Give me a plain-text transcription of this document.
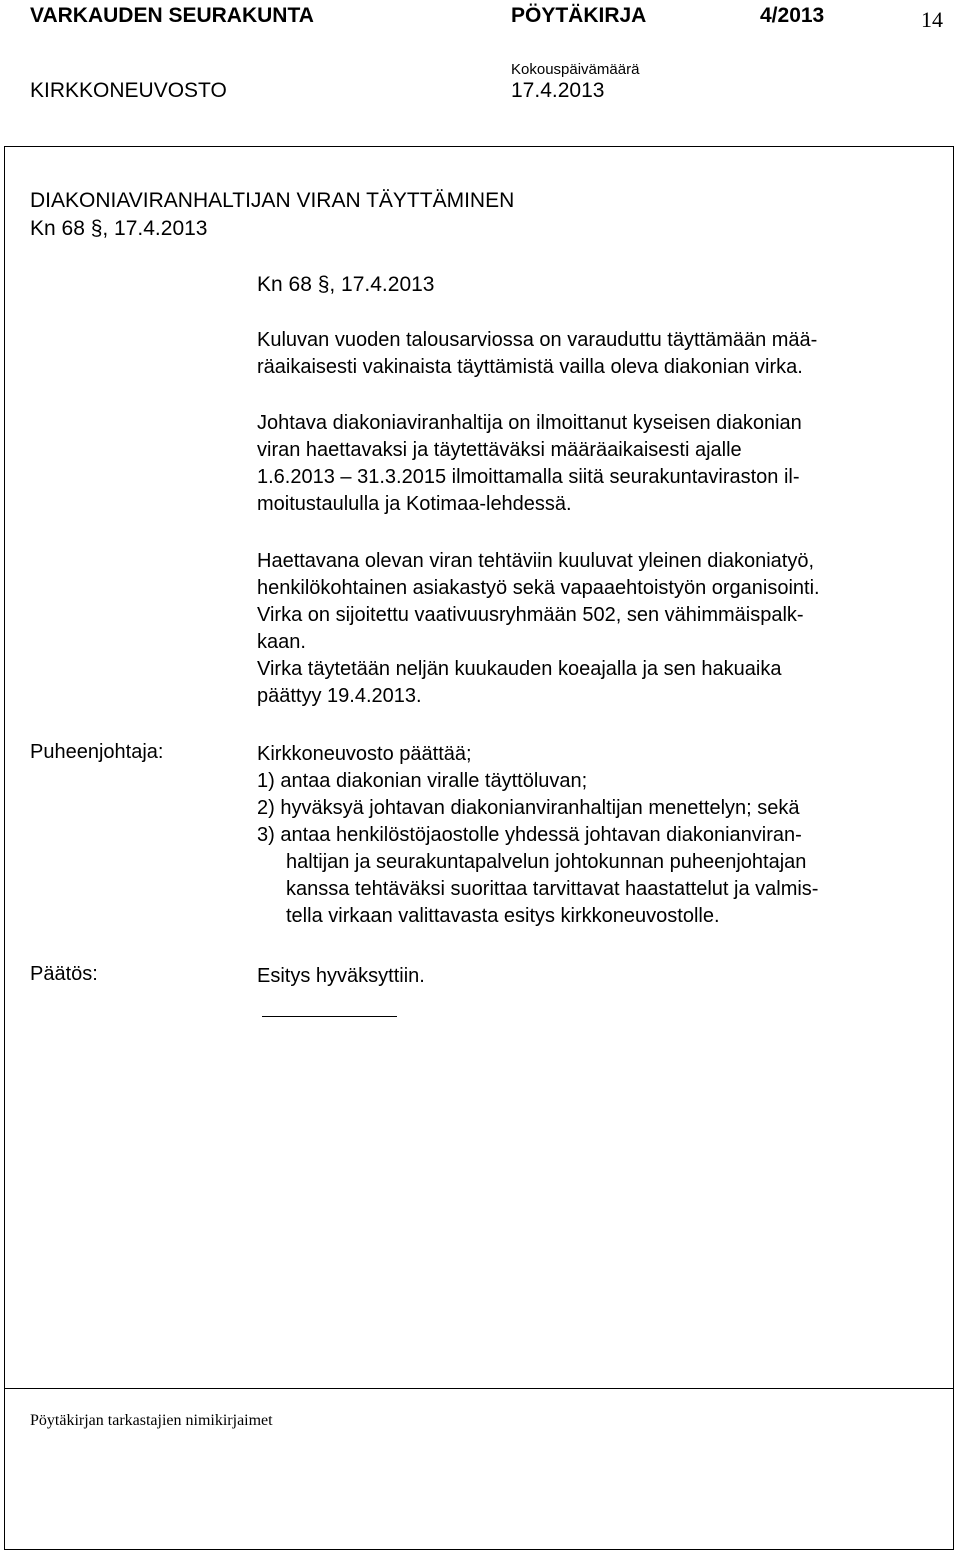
VARKAUDEN SEURAKUNTA	PÖYTÄKIRJA	4/2013	14
Kokouspäivämäärä
KIRKKONEUVOSTO	17.4.2013
DIAKONIAVIRANHALTIJAN VIRAN TÄYTTÄMINEN
Kn 68 §, 17.4.2013
Kn 68 §, 17.4.2013
Kuluvan vuoden talousarviossa on varauduttu täyttämään mää-
räaikaisesti vakinaista täyttämistä vailla oleva diakonian virka.
Johtava diakoniaviranhaltija on ilmoittanut kyseisen diakonian
viran haettavaksi ja täytettäväksi määräaikaisesti ajalle
1.6.2013 – 31.3.2015 ilmoittamalla siitä seurakuntaviraston il-
moitustaululla ja Kotimaa-lehdessä.
Haettavana olevan viran tehtäviin kuuluvat yleinen diakoniatyö,
henkilökohtainen asiakastyö sekä vapaaehtoistyön organisointi.
Virka on sijoitettu vaativuusryhmään 502, sen vähimmäispalk-
kaan.
Virka täytetään neljän kuukauden koeajalla ja sen hakuaika
päättyy 19.4.2013.
Puheenjohtaja:	Kirkkoneuvosto päättää;
1) antaa diakonian viralle täyttöluvan;
2) hyväksyä johtavan diakonianviranhaltijan menettelyn; sekä
3) antaa henkilöstöjaostolle yhdessä johtavan diakonianviran-
haltijan ja seurakuntapalvelun johtokunnan puheenjohtajan
kanssa tehtäväksi suorittaa tarvittavat haastattelut ja valmis-
tella virkaan valittavasta esitys kirkkoneuvostolle.
Päätös:	Esitys hyväksyttiin.
Pöytäkirjan tarkastajien nimikirjaimet
